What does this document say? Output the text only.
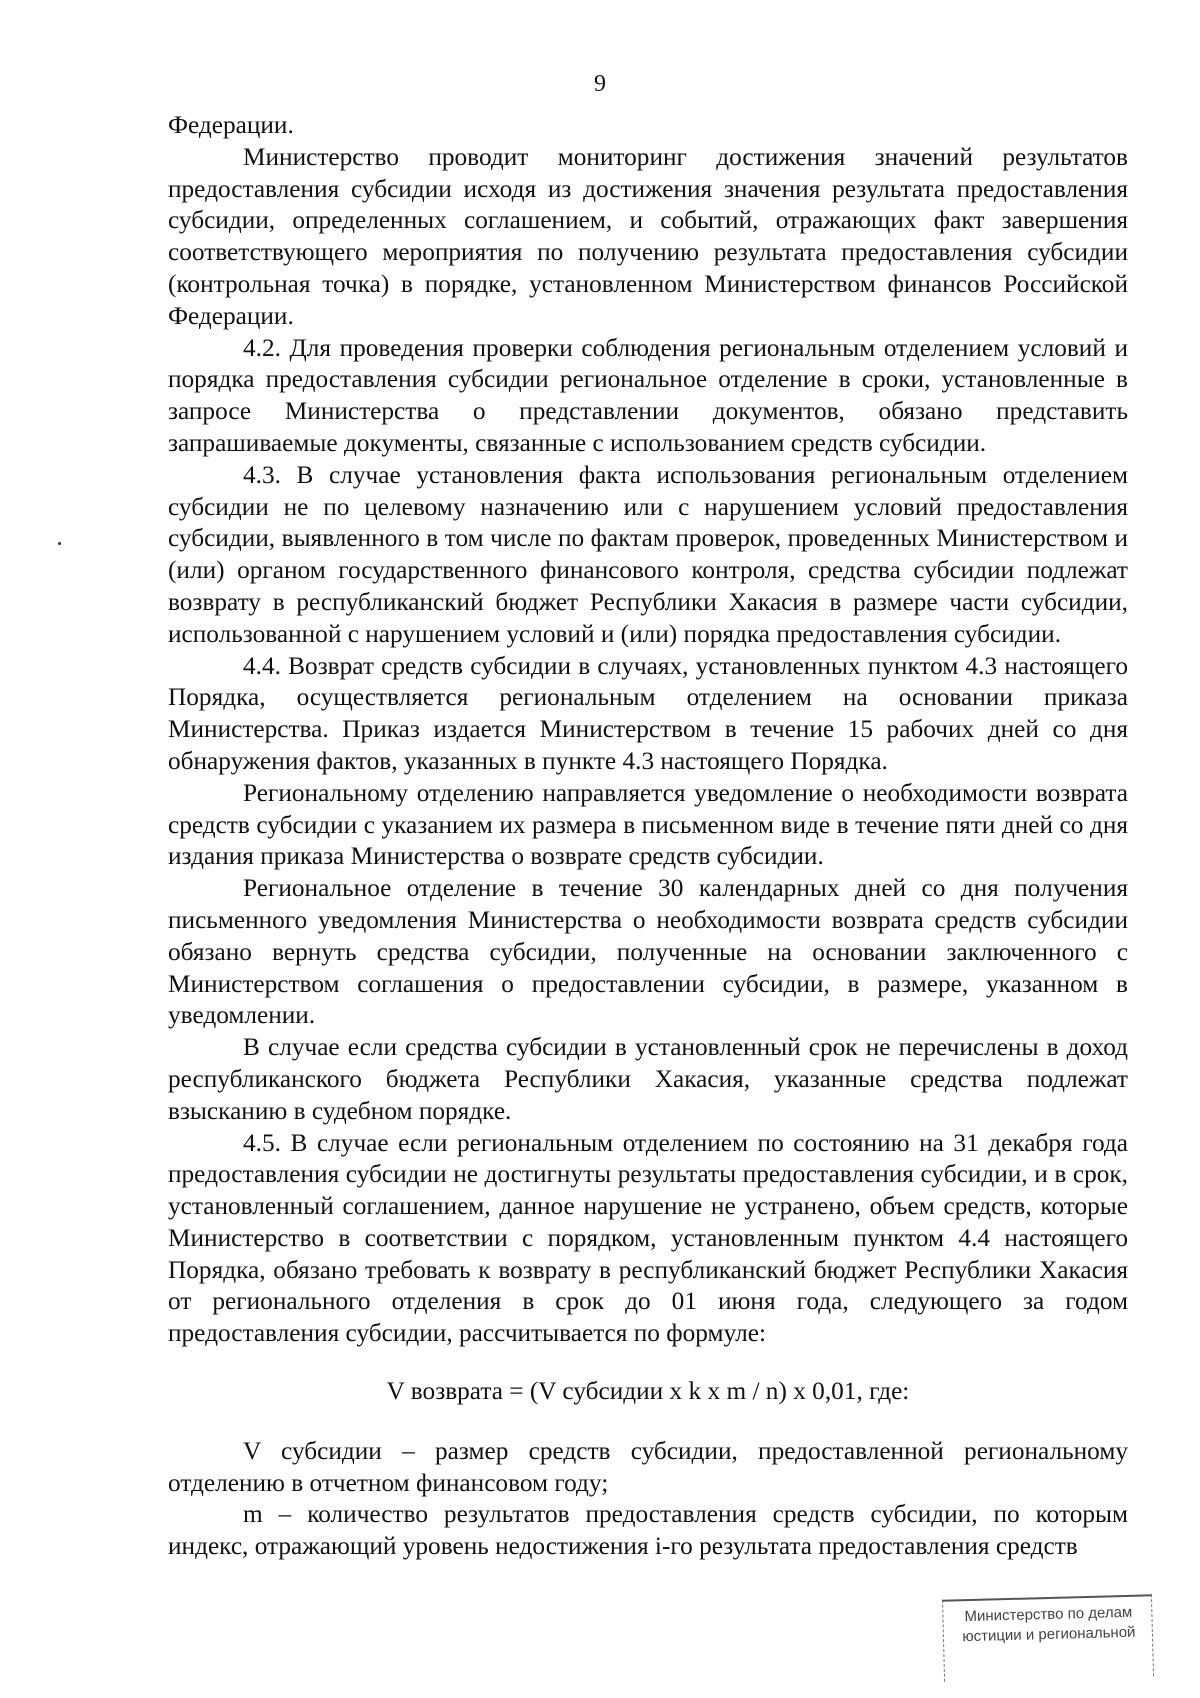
9

Федерации.

Министерство проводит мониторинг достижения значений результатов предоставления субсидии исходя из достижения значения результата предоставления субсидии, определенных соглашением, и событий, отражающих факт завершения соответствующего мероприятия по получению результата предоставления субсидии (контрольная точка) в порядке, установленном Министерством финансов Российской Федерации.

4.2. Для проведения проверки соблюдения региональным отделением условий и порядка предоставления субсидии региональное отделение в сроки, установленные в запросе Министерства о представлении документов, обязано представить запрашиваемые документы, связанные с использованием средств субсидии.

4.3. В случае установления факта использования региональным отделением субсидии не по целевому назначению или с нарушением условий предоставления субсидии, выявленного в том числе по фактам проверок, проведенных Министерством и (или) органом государственного финансового контроля, средства субсидии подлежат возврату в республиканский бюджет Республики Хакасия в размере части субсидии, использованной с нарушением условий и (или) порядка предоставления субсидии.

4.4. Возврат средств субсидии в случаях, установленных пунктом 4.3 настоящего Порядка, осуществляется региональным отделением на основании приказа Министерства. Приказ издается Министерством в течение 15 рабочих дней со дня обнаружения фактов, указанных в пункте 4.3 настоящего Порядка.

Региональному отделению направляется уведомление о необходимости возврата средств субсидии с указанием их размера в письменном виде в течение пяти дней со дня издания приказа Министерства о возврате средств субсидии.

Региональное отделение в течение 30 календарных дней со дня получения письменного уведомления Министерства о необходимости возврата средств субсидии обязано вернуть средства субсидии, полученные на основании заключенного с Министерством соглашения о предоставлении субсидии, в размере, указанном в уведомлении.

В случае если средства субсидии в установленный срок не перечислены в доход республиканского бюджета Республики Хакасия, указанные средства подлежат взысканию в судебном порядке.

4.5. В случае если региональным отделением по состоянию на 31 декабря года предоставления субсидии не достигнуты результаты предоставления субсидии, и в срок, установленный соглашением, данное нарушение не устранено, объем средств, которые Министерство в соответствии с порядком, установленным пунктом 4.4 настоящего Порядка, обязано требовать к возврату в республиканский бюджет Республики Хакасия от регионального отделения в срок до 01 июня года, следующего за годом предоставления субсидии, рассчитывается по формуле:

V возврата = (V субсидии x k x m / n) x 0,01, где:

V субсидии – размер средств субсидии, предоставленной региональному отделению в отчетном финансовом году;

m – количество результатов предоставления средств субсидии, по которым индекс, отражающий уровень недостижения i-го результата предоставления средств

Министерство по делам
юстиции и региональной
